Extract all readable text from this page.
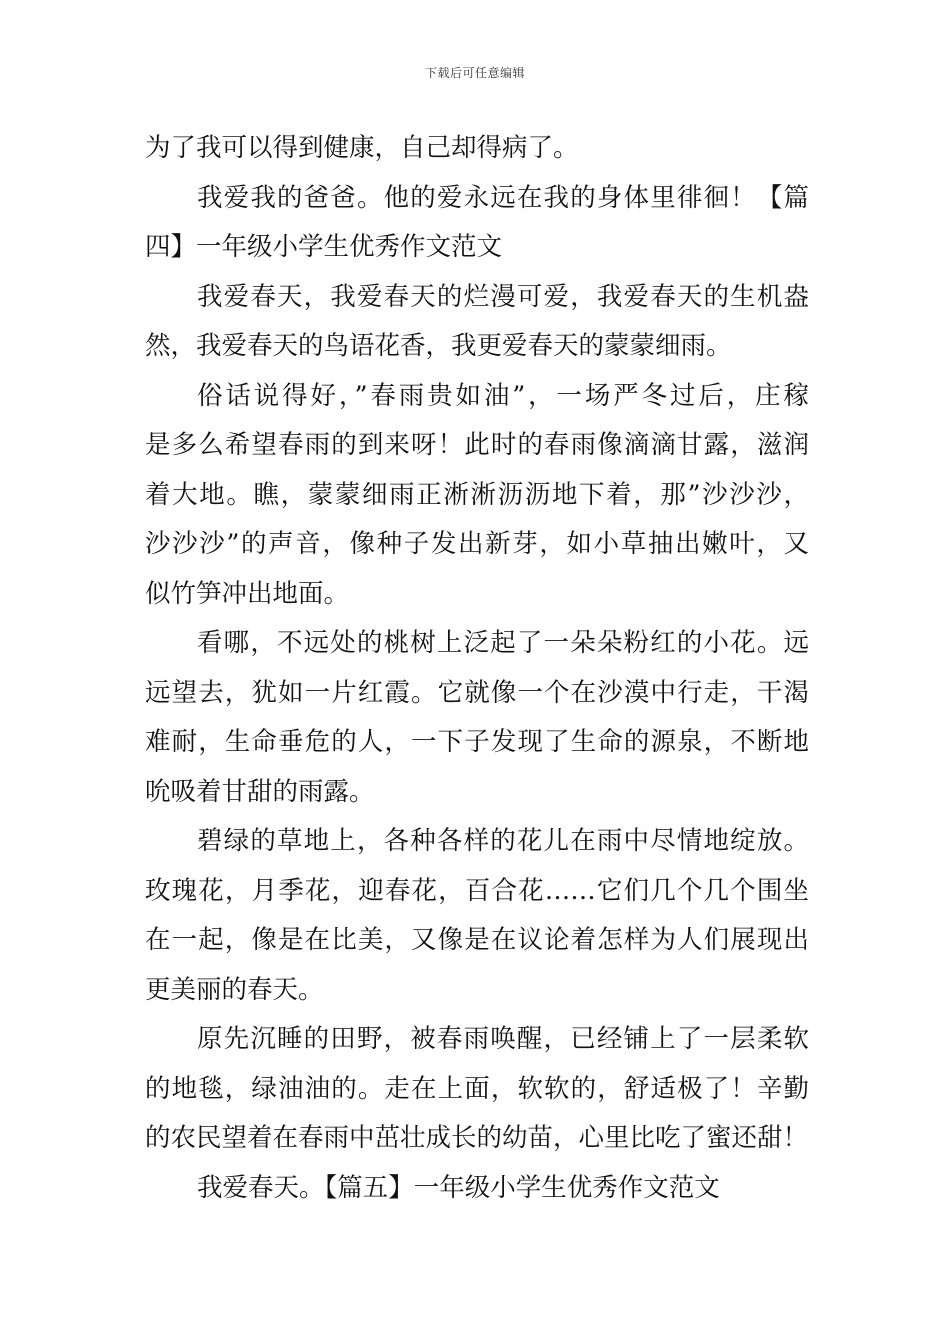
下载后可任意编辑
为了我可以得到健康，自己却得病了。
我爱我的爸爸。他的爱永远在我的身体里徘徊！【篇
四】一年级小学生优秀作文范文
我爱春天，我爱春天的烂漫可爱，我爱春天的生机盎
然，我爱春天的鸟语花香，我更爱春天的蒙蒙细雨。
俗话说得好，”春雨贵如油”，一场严冬过后，庄稼
是多么希望春雨的到来呀！此时的春雨像滴滴甘露，滋润
着大地。瞧，蒙蒙细雨正淅淅沥沥地下着，那”沙沙沙，
沙沙沙”的声音，像种子发出新芽，如小草抽出嫩叶，又
似竹笋冲出地面。
看哪，不远处的桃树上泛起了一朵朵粉红的小花。远
远望去，犹如一片红霞。它就像一个在沙漠中行走，干渴
难耐，生命垂危的人，一下子发现了生命的源泉，不断地
吮吸着甘甜的雨露。
碧绿的草地上，各种各样的花儿在雨中尽情地绽放。
玫瑰花，月季花，迎春花，百合花……它们几个几个围坐
在一起，像是在比美，又像是在议论着怎样为人们展现出
更美丽的春天。
原先沉睡的田野，被春雨唤醒，已经铺上了一层柔软
的地毯，绿油油的。走在上面，软软的，舒适极了！辛勤
的农民望着在春雨中茁壮成长的幼苗，心里比吃了蜜还甜！
我爱春天。【篇五】一年级小学生优秀作文范文
